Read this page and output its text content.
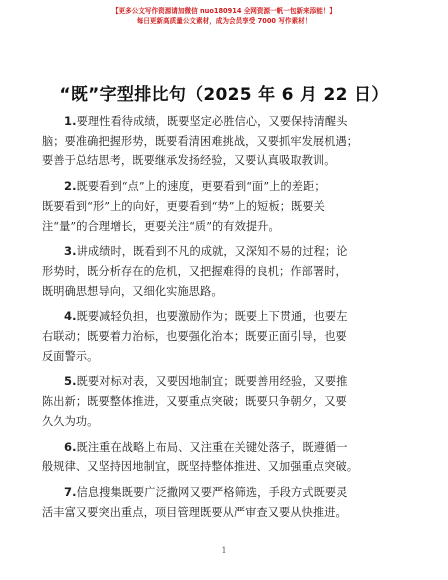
【更多公文写作资源请加微信 nuo180914 全网资源一帆一包新来添能！】
每日更新高质量公文素材，成为会员享受 7000 写作素材！
“既”字型排比句（2025 年 6 月 22 日）
1.要理性看待成绩，既要坚定必胜信心，又要保持清醒头
脑；要准确把握形势，既要看清困难挑战，又要抓牢发展机遇；
要善于总结思考，既要继承发扬经验，又要认真吸取教训。
2.既要看到“点”上的速度，更要看到“面”上的差距；
既要看到“形”上的向好，更要看到“势”上的短板；既要关
注“量”的合理增长，更要关注“质”的有效提升。
3.讲成绩时，既看到不凡的成就，又深知不易的过程；论
形势时，既分析存在的危机，又把握难得的良机；作部署时，
既明确思想导向，又细化实施思路。
4.既要减轻负担，也要激励作为；既要上下贯通，也要左
右联动；既要着力治标，也要强化治本；既要正面引导，也要
反面警示。
5.既要对标对表，又要因地制宜；既要善用经验，又要推
陈出新；既要整体推进，又要重点突破；既要只争朝夕，又要
久久为功。
6.既注重在战略上布局、又注重在关键处落子，既遵循一
般规律、又坚持因地制宜，既坚持整体推进、又加强重点突破。
7.信息搜集既要广泛撒网又要严格筛选，手段方式既要灵
活丰富又要突出重点，项目管理既要从严审查又要从快推进。
1
